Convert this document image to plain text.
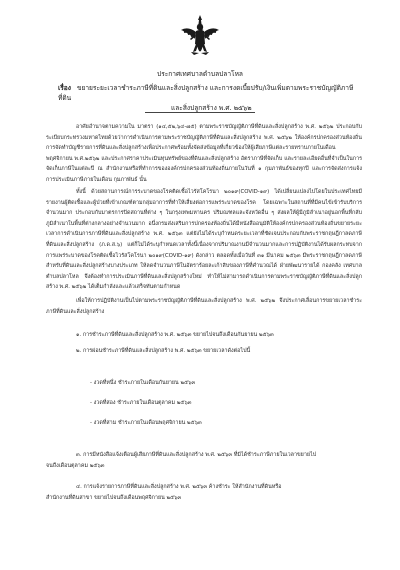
ประกาศเทศบาลตำบลปลาโหล
เรื่อง ขยายระยะเวลาชำระภาษีที่ดินและสิ่งปลูกสร้าง และการงดเบี้ยปรับ/เงินเพิ่มตามพระราชบัญญัติภาษีที่ดิน
และสิ่งปลูกสร้าง พ.ศ. ๒๕๖๒
อาศัยอำนาจตามความใน มาตรา (๑๔,๕๒,๖๔-๗๕) ตามพระราชบัญญัติภาษีที่ดินและสิ่งปลูกสร้าง พ.ศ. ๒๕๖๒ ประกอบกับระเบียบกระทรวงมหาดไทยด้วยว่าการดำเนินการตามพระราชบัญญัติภาษีที่ดินและสิ่งปลูกสร้าง พ.ศ. ๒๕๖๒ ให้องค์กรปกครองส่วนท้องถิ่นการจัดทำบัญชีรายการที่ดินและสิ่งปลูกสร้างเพื่อประกาศพร้อมทั้งจัดส่งข้อมูลที่เกี่ยวข้องให้ผู้เสียภาษีแต่ละรายทราบภายในเดือน พฤศจิกายน พ.ศ.๒๕๖๒ และประกาศราคาประเมินทุนทรัพย์ของที่ดินและสิ่งปลูกสร้าง อัตราภาษีที่จัดเก็บ และรายละเอียดอื่นที่จำเป็นในการจัดเก็บภาษีในแต่ละปี ณ สำนักงานหรือที่ทำการขององค์กรปกครองส่วนท้องถิ่นภายในวันที่ ๑ กุมภาพันธ์ของทุกปี และการจัดส่งการแจ้งการประเมินภาษีภายในเดือน กุมภาพันธ์ นั้น
ทั้งนี้ ด้วยสถานการณ์การระบาดของโรคติดเชื้อไวรัสโคโรนา ๒๐๑๙(COVID-๑๙) ได้เปลี่ยนแปลงไปโดยในประเทศไทยมีรายงานผู้ติดเชื้อและผู้ป่วยที่เข้าเกณฑ์ตามกลุ่มอาการที่ทำให้เสี่ยงต่อการแพร่ระบาดของโรค โดยเฉพาะในสถานที่ที่มีคนไข้เข้ารับบริการจำนวนมาก ประกอบกับมาตรการปิดสถานที่ต่าง ๆ ในกรุงเทพมหานคร ปริมณฑลและจังหวัดอื่น ๆ ส่งผลให้ผู้มีภูมิลำเนาอยู่นอกพื้นที่กลับภูมิลำเนาในพื้นที่ต่างกลางอย่างจำนวนมาก อนึ่งกรมส่งเสริมการปกครองท้องถิ่นได้มีหนังสืออนุมัติให้องค์กรปกครองส่วนท้องถิ่นขยายระยะเวลาการดำเนินการภาษีที่ดินและสิ่งปลูกสร้าง พ.ศ. ๒๕๖๓ แต่ยังไม่ได้ระบุกำหนดระยะเวลาที่ชัดเจนประกอบกับพระราชกฤษฎีกาลดภาษีที่ดินและสิ่งปลูกสร้าง (ภ.ด.ส.๖) แต่ก็ไม่ได้ระบุกำหนดเวลาทั้งนี้เนื่องจากปริมาณงานมีจำนวนมากและการปฏิบัติงานได้รับผลกระทบจากการแพร่ระบาดของโรคติดเชื้อไวรัสโคโรนา ๒๐๑๙(COVID-๑๙) ดังกล่าว ตลอดทั้งเมื่อวันที่ ๓๑ มีนาคม ๒๕๖๓ มีพระราชกฤษฎีกาลดภาษีสำหรับที่ดินและสิ่งปลูกสร้างบางประเภท ให้ลดจำนวนภาษีในอัตราร้อยละเก้าสิบของภาษีที่คำนวณได้ ฝ่ายพัฒนารายได้ กองคลัง เทศบาลตำบลปลาโหล จึงต้องทำการประเมินภาษีที่ดินและสิ่งปลูกสร้างใหม่ ทำให้ไม่สามารถดำเนินการตามพระราชบัญญัติภาษีที่ดินและสิ่งปลูกสร้าง พ.ศ. ๒๕๖๒ ได้เต็มกำลังและแล้วเสร็จทันตามกำหนด
เพื่อให้การปฏิบัติงานเป็นไปตามพระราชบัญญัติภาษีที่ดินและสิ่งปลูกสร้าง พ.ศ. ๒๕๖๒ จึงประกาศเลื่อนการขยายเวลาชำระภาษีที่ดินและสิ่งปลูกสร้าง
๑. การชำระภาษีที่ดินและสิ่งปลูกสร้าง พ.ศ. ๒๕๖๓ ขยายไปจนถึงเดือนกันยายน ๒๕๖๓
๒. การผ่อนชำระภาษีที่ดินและสิ่งปลูกสร้าง พ.ศ. ๒๕๖๓ ขยายเวลาดังต่อไปนี้
- งวดที่หนึ่ง ชำระภายในเดือนกันยายน ๒๕๖๓
- งวดที่สอง ชำระภายในเดือนตุลาคม ๒๕๖๓
- งวดที่สาม ชำระภายในเดือนพฤศจิกายน ๒๕๖๓
๓. การมีหนังสือแจ้งเตือนผู้เสียภาษีที่ดินและสิ่งปลูกสร้าง พ.ศ. ๒๕๖๓ ที่มิได้ชำระภาษีภายในเวลาขยายไป
จนถึงเดือนตุลาคม ๒๕๖๓
๔. การแจ้งรายการภาษีที่ดินและสิ่งปลูกสร้าง พ.ศ. ๒๕๖๓ ค้างชำระ ให้สำนักงานที่ดินหรือ
สำนักงานที่ดินสาขา ขยายไปจนถึงเดือนพฤศจิกายน ๒๕๖๓
